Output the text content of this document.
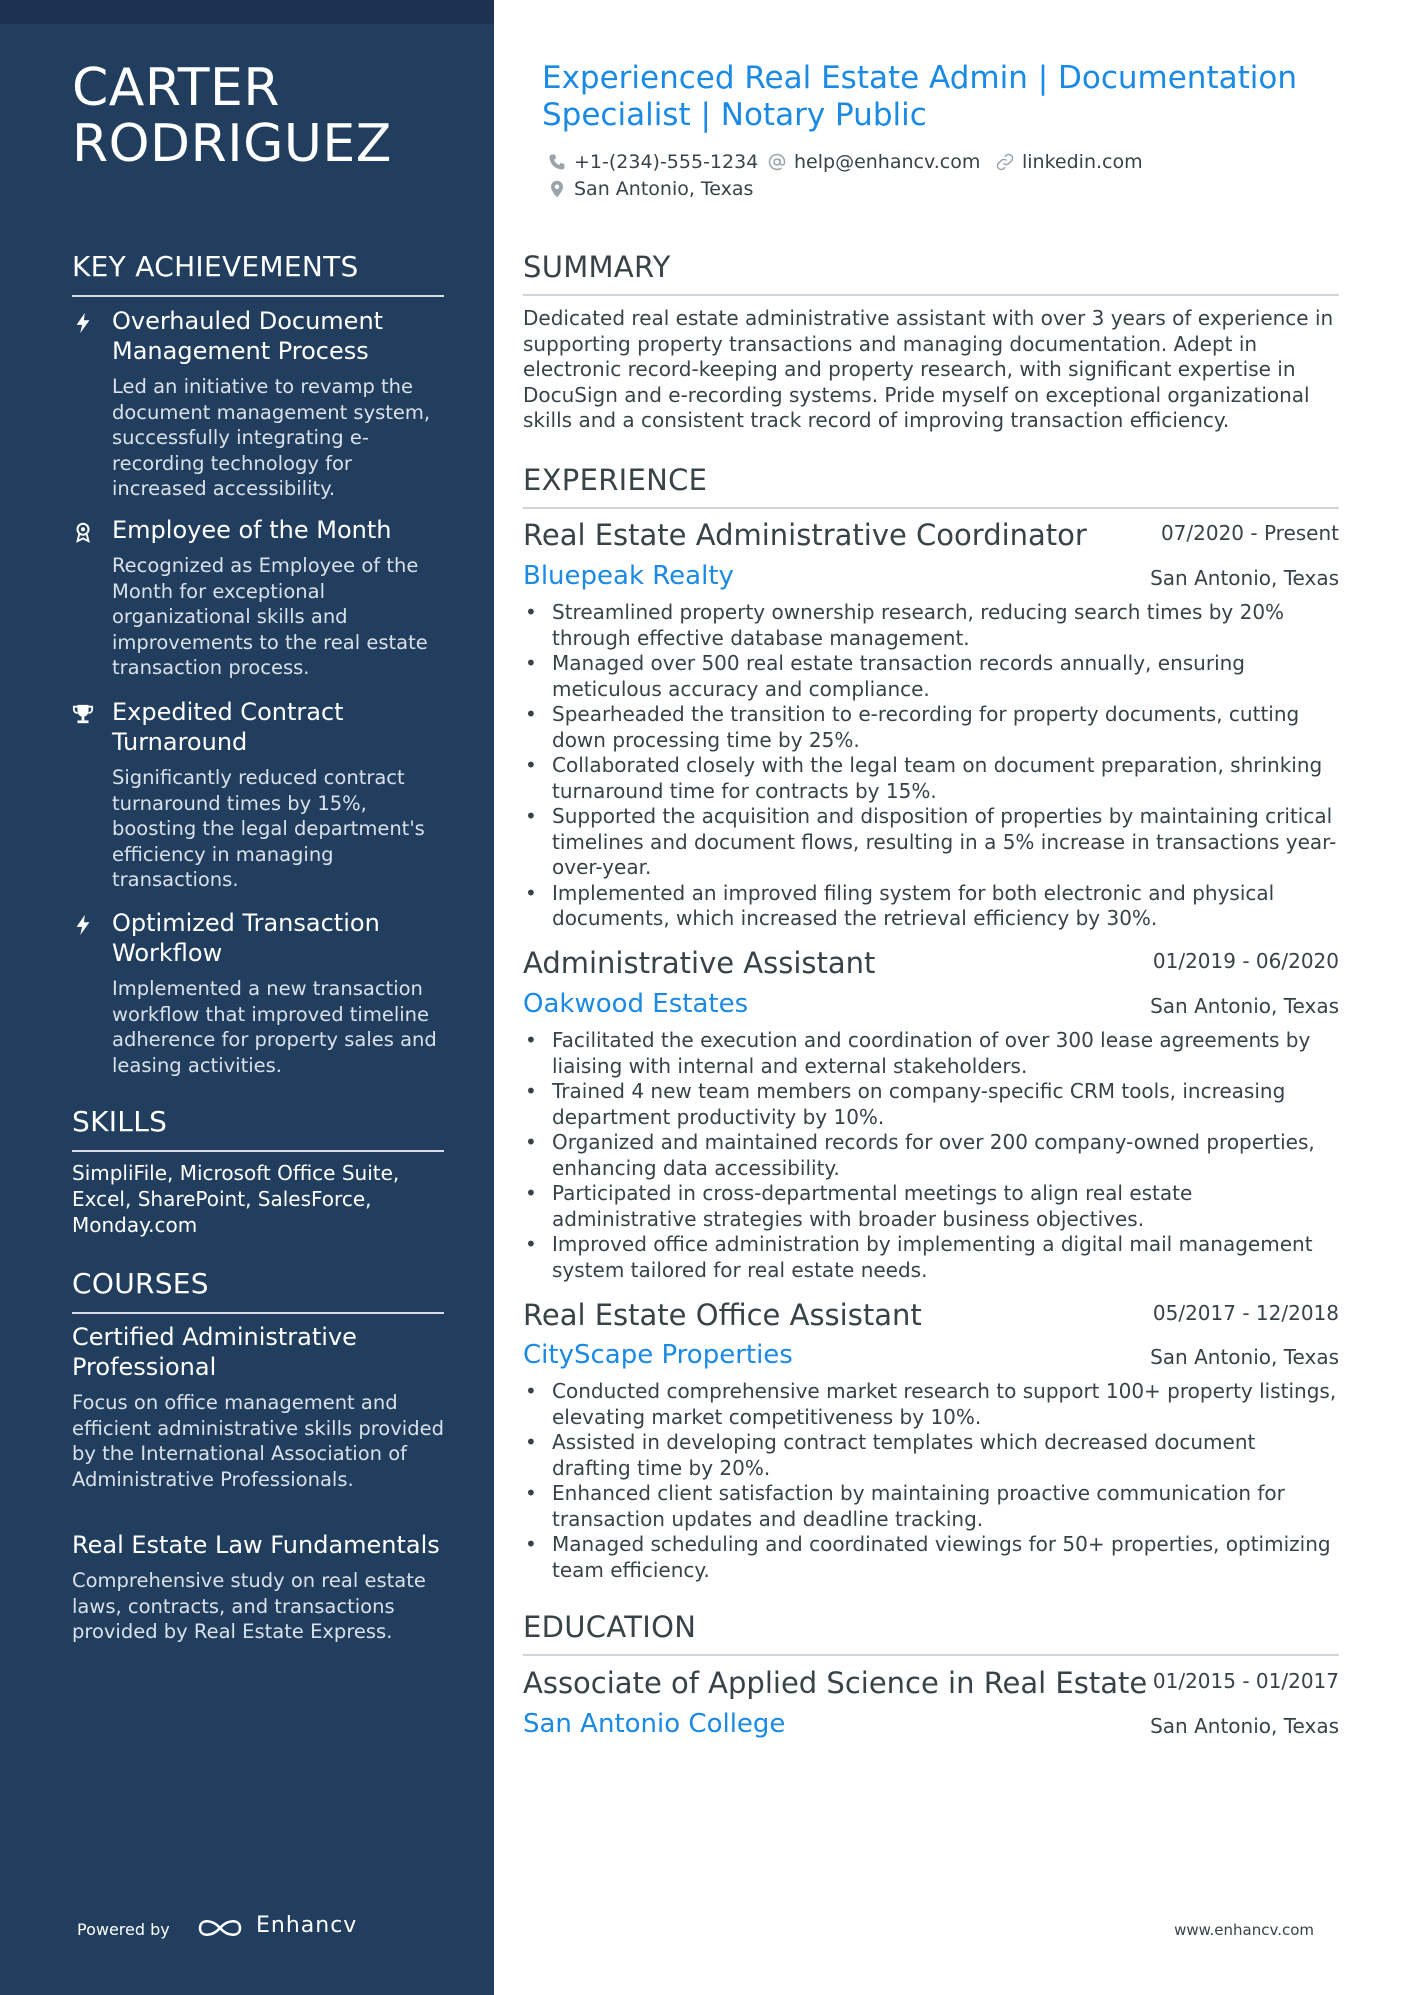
CARTER
RODRIGUEZ
KEY ACHIEVEMENTS
Overhauled Document Management Process
Led an initiative to revamp the document management system, successfully integrating e-recording technology for increased accessibility.
Employee of the Month
Recognized as Employee of the Month for exceptional organizational skills and improvements to the real estate transaction process.
Expedited Contract Turnaround
Significantly reduced contract turnaround times by 15%, boosting the legal department's efficiency in managing transactions.
Optimized Transaction Workflow
Implemented a new transaction workflow that improved timeline adherence for property sales and leasing activities.
SKILLS
SimpliFile, Microsoft Office Suite, Excel, SharePoint, SalesForce, Monday.com
COURSES
Certified Administrative Professional
Focus on office management and efficient administrative skills provided by the International Association of Administrative Professionals.
Real Estate Law Fundamentals
Comprehensive study on real estate laws, contracts, and transactions provided by Real Estate Express.
Powered by	Enhancv
Experienced Real Estate Admin | Documentation Specialist | Notary Public
+1-(234)-555-1234	help@enhancv.com	linkedin.com
San Antonio, Texas
SUMMARY
Dedicated real estate administrative assistant with over 3 years of experience in supporting property transactions and managing documentation. Adept in electronic record-keeping and property research, with significant expertise in DocuSign and e-recording systems. Pride myself on exceptional organizational skills and a consistent track record of improving transaction efficiency.
EXPERIENCE
Real Estate Administrative Coordinator	07/2020 - Present
Bluepeak Realty	San Antonio, Texas
• Streamlined property ownership research, reducing search times by 20% through effective database management.
• Managed over 500 real estate transaction records annually, ensuring meticulous accuracy and compliance.
• Spearheaded the transition to e-recording for property documents, cutting down processing time by 25%.
• Collaborated closely with the legal team on document preparation, shrinking turnaround time for contracts by 15%.
• Supported the acquisition and disposition of properties by maintaining critical timelines and document flows, resulting in a 5% increase in transactions year-over-year.
• Implemented an improved filing system for both electronic and physical documents, which increased the retrieval efficiency by 30%.
Administrative Assistant	01/2019 - 06/2020
Oakwood Estates	San Antonio, Texas
• Facilitated the execution and coordination of over 300 lease agreements by liaising with internal and external stakeholders.
• Trained 4 new team members on company-specific CRM tools, increasing department productivity by 10%.
• Organized and maintained records for over 200 company-owned properties, enhancing data accessibility.
• Participated in cross-departmental meetings to align real estate administrative strategies with broader business objectives.
• Improved office administration by implementing a digital mail management system tailored for real estate needs.
Real Estate Office Assistant	05/2017 - 12/2018
CityScape Properties	San Antonio, Texas
• Conducted comprehensive market research to support 100+ property listings, elevating market competitiveness by 10%.
• Assisted in developing contract templates which decreased document drafting time by 20%.
• Enhanced client satisfaction by maintaining proactive communication for transaction updates and deadline tracking.
• Managed scheduling and coordinated viewings for 50+ properties, optimizing team efficiency.
EDUCATION
Associate of Applied Science in Real Estate 01/2015 - 01/2017
San Antonio College	San Antonio, Texas
www.enhancv.com
